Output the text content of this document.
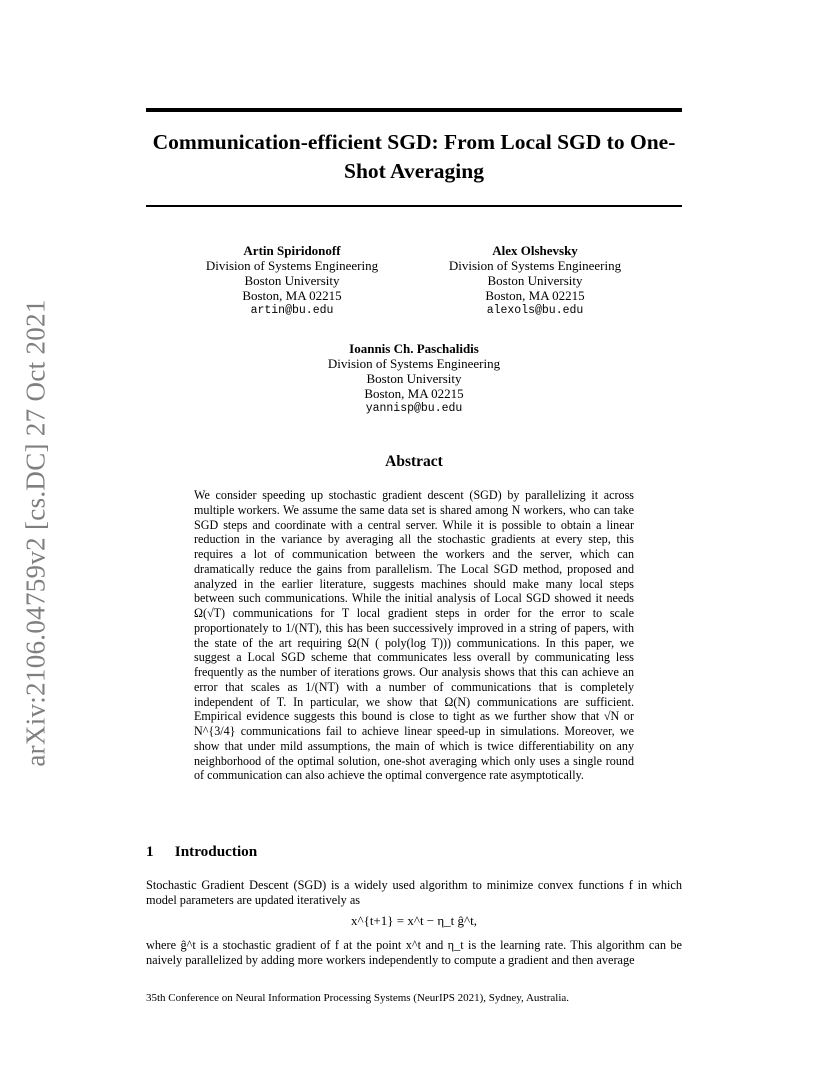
arXiv:2106.04759v2 [cs.DC] 27 Oct 2021
Communication-efficient SGD: From Local SGD to One-Shot Averaging
Artin Spiridonoff
Division of Systems Engineering
Boston University
Boston, MA 02215
artin@bu.edu
Alex Olshevsky
Division of Systems Engineering
Boston University
Boston, MA 02215
alexols@bu.edu
Ioannis Ch. Paschalidis
Division of Systems Engineering
Boston University
Boston, MA 02215
yannisp@bu.edu
Abstract

We consider speeding up stochastic gradient descent (SGD) by parallelizing it across multiple workers. We assume the same data set is shared among N workers, who can take SGD steps and coordinate with a central server. While it is possible to obtain a linear reduction in the variance by averaging all the stochastic gradients at every step, this requires a lot of communication between the workers and the server, which can dramatically reduce the gains from parallelism. The Local SGD method, proposed and analyzed in the earlier literature, suggests machines should make many local steps between such communications. While the initial analysis of Local SGD showed it needs Ω(√T) communications for T local gradient steps in order for the error to scale proportionately to 1/(NT), this has been successively improved in a string of papers, with the state of the art requiring Ω(N ( poly(log T))) communications. In this paper, we suggest a Local SGD scheme that communicates less overall by communicating less frequently as the number of iterations grows. Our analysis shows that this can achieve an error that scales as 1/(NT) with a number of communications that is completely independent of T. In particular, we show that Ω(N) communications are sufficient. Empirical evidence suggests this bound is close to tight as we further show that √N or N^{3/4} communications fail to achieve linear speed-up in simulations. Moreover, we show that under mild assumptions, the main of which is twice differentiability on any neighborhood of the optimal solution, one-shot averaging which only uses a single round of communication can also achieve the optimal convergence rate asymptotically.

1 Introduction
Stochastic Gradient Descent (SGD) is a widely used algorithm to minimize convex functions f in which model parameters are updated iteratively as
x^{t+1} = x^t − η_t ĝ^t,
where ĝ^t is a stochastic gradient of f at the point x^t and η_t is the learning rate. This algorithm can be naively parallelized by adding more workers independently to compute a gradient and then average
35th Conference on Neural Information Processing Systems (NeurIPS 2021), Sydney, Australia.
